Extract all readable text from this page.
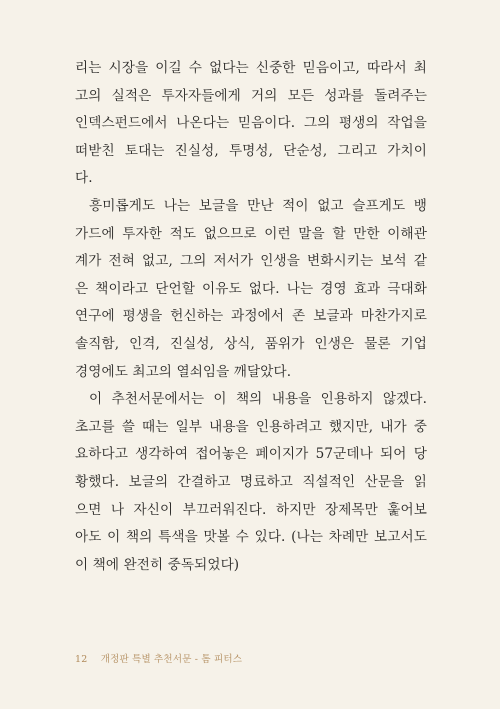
리는 시장을 이길 수 없다는 신중한 믿음이고, 따라서 최
고의 실적은 투자자들에게 거의 모든 성과를 돌려주는
인덱스펀드에서 나온다는 믿음이다. 그의 평생의 작업을
떠받친 토대는 진실성, 투명성, 단순성, 그리고 가치이
다.
흥미롭게도 나는 보글을 만난 적이 없고 슬프게도 뱅
가드에 투자한 적도 없으므로 이런 말을 할 만한 이해관
계가 전혀 없고, 그의 저서가 인생을 변화시키는 보석 같
은 책이라고 단언할 이유도 없다. 나는 경영 효과 극대화
연구에 평생을 헌신하는 과정에서 존 보글과 마찬가지로
솔직함, 인격, 진실성, 상식, 품위가 인생은 물론 기업
경영에도 최고의 열쇠임을 깨달았다.
이 추천서문에서는 이 책의 내용을 인용하지 않겠다.
초고를 쓸 때는 일부 내용을 인용하려고 했지만, 내가 중
요하다고 생각하여 접어놓은 페이지가 57군데나 되어 당
황했다. 보글의 간결하고 명료하고 직설적인 산문을 읽
으면 나 자신이 부끄러워진다. 하지만 장제목만 훑어보
아도 이 책의 특색을 맛볼 수 있다. (나는 차례만 보고서도
이 책에 완전히 중독되었다)
12 개정판 특별 추천서문 - 톰 피터스
